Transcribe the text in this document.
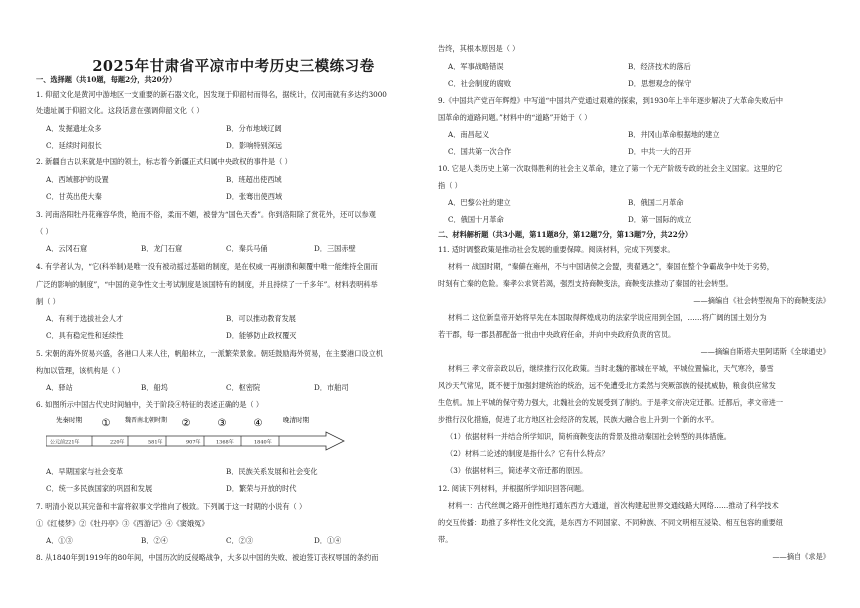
2025年甘肃省平凉市中考历史三模练习卷
一、选择题（共10题，每题2分，共20分）
1. 仰韶文化是黄河中游地区一支重要的新石器文化，因发现于仰韶村而得名，据统计，仅河南就有多达约3000
处遗址属于仰韶文化。这段话意在强调仰韶文化（ ）
A．发掘遗址众多	B．分布地域辽阔
C．延续时间很长	D．影响特别深远
2. 新疆自古以来就是中国的领土，标志着今新疆正式归属中央政权的事件是（ ）
A．西域都护的设置	B．班超出使西域
C．甘英出使大秦	D．张骞出使西域
3. 河南洛阳牡丹花雍容华贵，艳而不俗，柔而不媚，被誉为“国色天香”。你到洛阳除了赏花外，还可以参观
（ ）
A．云冈石窟	B．龙门石窟	C．秦兵马俑	D．三国赤壁
4. 有学者认为，“它(科举制)是唯一没有被动摇过基础的制度，是在权威一再崩溃和颠覆中唯一能维持全面而
广泛的影响的制度”，“中国的竞争性文士考试制度是该国特有的制度，并且持续了一千多年”。材料表明科举
制（ ）
A．有利于选拔社会人才	B．可以推动教育发展
C．具有稳定性和延续性	D．能够防止政权覆灭
5. 宋朝的海外贸易兴盛，各港口人来人往，帆船林立，一派繁荣景象。朝廷鼓励海外贸易，在主要港口设立机
构加以管理，该机构是（ ）
A．驿站	B．船坞	C．枢密院	D．市舶司
6. 如图所示中国古代史时间轴中，关于阶段④特征的表述正确的是（ ）
先秦时期 ① 魏晋南北朝时期 ②	③	④	晚清时期
公元前221年	220年	581年	907年	1368年	1840年
A．早期国家与社会变革	B．民族关系发展和社会变化
C．统一多民族国家的巩固和发展	D．繁荣与开放的时代
7. 明清小说以其完备和丰富将叙事文学推向了极致。下列属于这一时期的小说有（ ）
①《红楼梦》②《牡丹亭》③《西游记》④《窦娥冤》
A．①③	B．②④	C．②③	D．①④
8. 从1840年到1919年的80年间，中国历次的反侵略战争，大多以中国的失败、被迫签订丧权辱国的条约而
告终，其根本原因是（ ）
A．军事战略错误	B．经济技术的落后
C．社会制度的腐败	D．思想观念的保守
9.《中国共产党百年辉煌》中写道“中国共产党通过艰难的探索，到1930年上半年逐步解决了大革命失败后中
国革命的道路问题。”材料中的“道路”开始于（ ）
A．南昌起义	B．井冈山革命根据地的建立
C．国共第一次合作	D．中共一大的召开
10. 它是人类历史上第一次取得胜利的社会主义革命，建立了第一个无产阶级专政的社会主义国家。这里的它
指（ ）
A．巴黎公社的建立	B．俄国二月革命
C．俄国十月革命	D．第一国际的成立
二、材料解析题（共3小题，第11题8分，第12题7分，第13题7分，共22分）
11. 适时调整政策是推动社会发展的重要保障。阅读材料，完成下列要求。
材料一 战国时期，“秦僻在雍州，不与中国诸侯之会盟，夷翟遇之”，秦国在整个争霸战争中处于劣势，
时刻有亡秦的危险。秦孝公求贤若渴，强烈支持商鞅变法，商鞅变法推动了秦国的社会转型。
——摘编自《社会转型视角下的商鞅变法》
材料二 这位新皇帝开始将早先在本国取得辉煌成功的法家学说应用到全国，……将广阔的国土划分为
若干郡，每一郡县都配备一批由中央政府任命，并向中央政府负责的官员。
——摘编自斯塔夫里阿诺斯《全球通史》
材料三 孝文帝亲政以后，继续推行汉化政策。当时北魏的都城在平城，平城位置偏北，天气寒冷，暴雪
风沙天气常见，既不便于加强封建统治的统治，远不免遭受北方柔然与突厥部族的侵扰威胁，粮食供应常发
生危机。加上平城的保守势力强大，北魏社会的发展受到了制约。于是孝文帝决定迁都。迁都后，孝文帝进一
步推行汉化措施，促进了北方地区社会经济的发展，民族大融合也上升到一个新的水平。
（1）依据材料一并结合所学知识，简析商鞅变法的背景及推动秦国社会转型的具体措施。
（2）材料二论述的制度是指什么？它有什么特点？
（3）依据材料三，简述孝文帝迁都的原因。
12. 阅读下列材料，并根据所学知识回答问题。
材料一：古代丝绸之路开创性地打通东西方大通道，首次构建起世界交通线路大网络……推动了科学技术
的交互传播：助推了多样性文化交流，是东西方不同国家、不同种族、不同文明相互浸染、相互包容的重要纽
带。
——摘自《求是》
